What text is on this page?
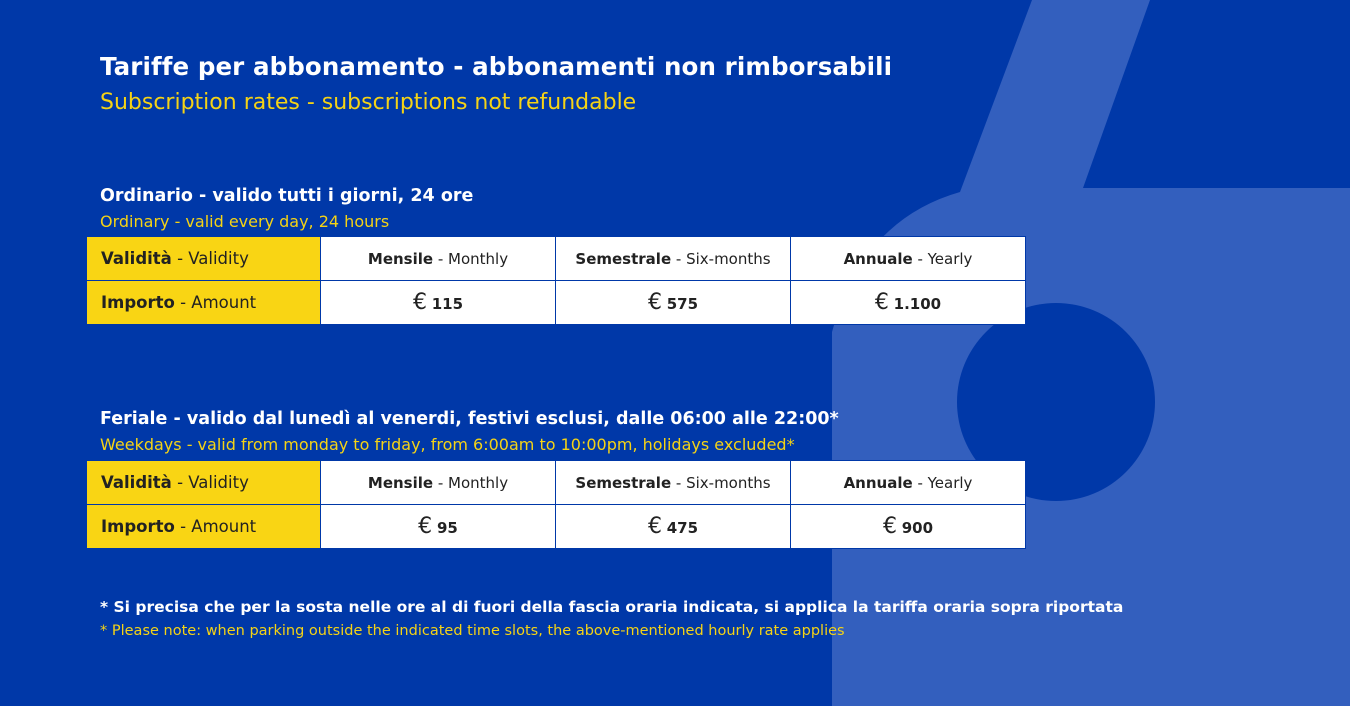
Tariffe per abbonamento - abbonamenti non rimborsabili
Subscription rates - subscriptions not refundable
Ordinario - valido tutti i giorni, 24 ore
Ordinary - valid every day, 24 hours
Validità - Validity	Mensile - Monthly	Semestrale - Six-months	Annuale - Yearly
Importo - Amount	€ 115	€ 575	€ 1.100
Feriale - valido dal lunedì al venerdi, festivi esclusi, dalle 06:00 alle 22:00*
Weekdays - valid from monday to friday, from 6:00am to 10:00pm, holidays excluded*
Validità - Validity	Mensile - Monthly	Semestrale - Six-months	Annuale - Yearly
Importo - Amount	€ 95	€ 475	€ 900
* Si precisa che per la sosta nelle ore al di fuori della fascia oraria indicata, si applica la tariffa oraria sopra riportata
* Please note: when parking outside the indicated time slots, the above-mentioned hourly rate applies
